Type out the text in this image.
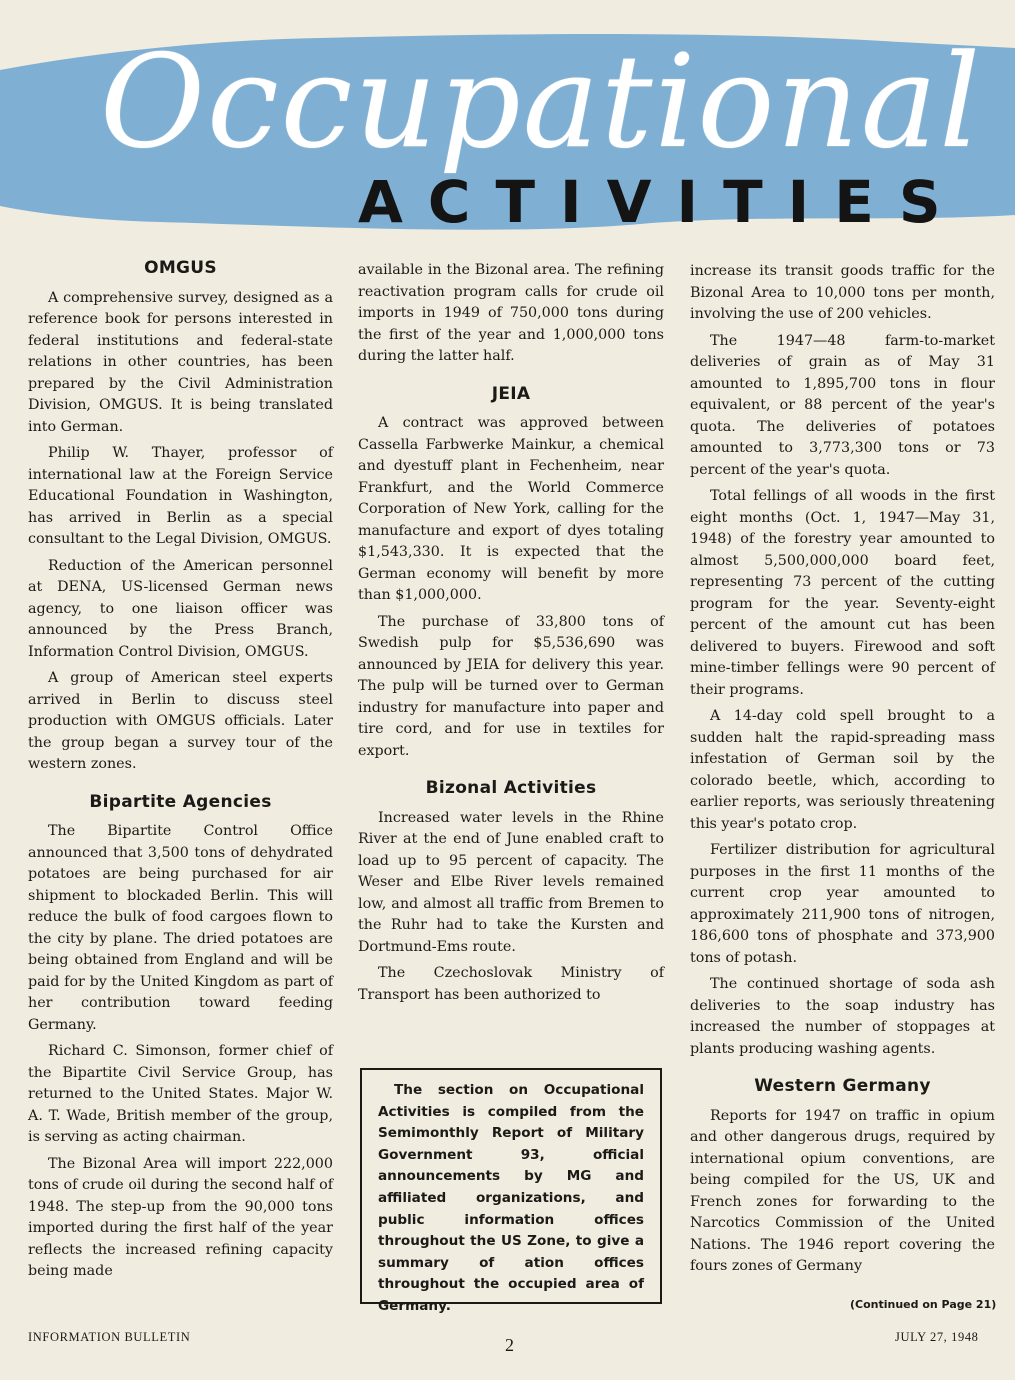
Occupational
ACTIVITIES
OMGUS

A comprehensive survey, designed as a reference book for persons interested in federal institutions and federal-state relations in other countries, has been prepared by the Civil Administration Division, OMGUS. It is being translated into German.

Philip W. Thayer, professor of international law at the Foreign Service Educational Foundation in Washington, has arrived in Berlin as a special consultant to the Legal Division, OMGUS.

Reduction of the American personnel at DENA, US-licensed German news agency, to one liaison officer was announced by the Press Branch, Information Control Division, OMGUS.

A group of American steel experts arrived in Berlin to discuss steel production with OMGUS officials. Later the group began a survey tour of the western zones.

Bipartite Agencies

The Bipartite Control Office announced that 3,500 tons of dehydrated potatoes are being purchased for air shipment to blockaded Berlin. This will reduce the bulk of food cargoes flown to the city by plane. The dried potatoes are being obtained from England and will be paid for by the United Kingdom as part of her contribution toward feeding Germany.

Richard C. Simonson, former chief of the Bipartite Civil Service Group, has returned to the United States. Major W. A. T. Wade, British member of the group, is serving as acting chairman.

The Bizonal Area will import 222,000 tons of crude oil during the second half of 1948. The step-up from the 90,000 tons imported during the first half of the year reflects the increased refining capacity being made

available in the Bizonal area. The refining reactivation program calls for crude oil imports in 1949 of 750,000 tons during the first of the year and 1,000,000 tons during the latter half.

JEIA

A contract was approved between Cassella Farbwerke Mainkur, a chemical and dyestuff plant in Fechenheim, near Frankfurt, and the World Commerce Corporation of New York, calling for the manufacture and export of dyes totaling $1,543,330. It is expected that the German economy will benefit by more than $1,000,000.

The purchase of 33,800 tons of Swedish pulp for $5,536,690 was announced by JEIA for delivery this year. The pulp will be turned over to German industry for manufacture into paper and tire cord, and for use in textiles for export.

Bizonal Activities

Increased water levels in the Rhine River at the end of June enabled craft to load up to 95 percent of capacity. The Weser and Elbe River levels remained low, and almost all traffic from Bremen to the Ruhr had to take the Kursten and Dortmund-Ems route.

The Czechoslovak Ministry of Transport has been authorized to

The section on Occupational Activities is compiled from the Semimonthly Report of Military Government 93, official announcements by MG and affiliated organizations, and public information offices throughout the US Zone, to give a summary of ation offices throughout the occupied area of Germany.

increase its transit goods traffic for the Bizonal Area to 10,000 tons per month, involving the use of 200 vehicles.

The 1947—48 farm-to-market deliveries of grain as of May 31 amounted to 1,895,700 tons in flour equivalent, or 88 percent of the year's quota. The deliveries of potatoes amounted to 3,773,300 tons or 73 percent of the year's quota.

Total fellings of all woods in the first eight months (Oct. 1, 1947—May 31, 1948) of the forestry year amounted to almost 5,500,000,000 board feet, representing 73 percent of the cutting program for the year. Seventy-eight percent of the amount cut has been delivered to buyers. Firewood and soft mine-timber fellings were 90 percent of their programs.

A 14-day cold spell brought to a sudden halt the rapid-spreading mass infestation of German soil by the colorado beetle, which, according to earlier reports, was seriously threatening this year's potato crop.

Fertilizer distribution for agricultural purposes in the first 11 months of the current crop year amounted to approximately 211,900 tons of nitrogen, 186,600 tons of phosphate and 373,900 tons of potash.

The continued shortage of soda ash deliveries to the soap industry has increased the number of stoppages at plants producing washing agents.

Western Germany

Reports for 1947 on traffic in opium and other dangerous drugs, required by international opium conventions, are being compiled for the US, UK and French zones for forwarding to the Narcotics Commission of the United Nations. The 1946 report covering the fours zones of Germany

(Continued on Page 21)
INFORMATION BULLETIN	2	JULY 27, 1948
